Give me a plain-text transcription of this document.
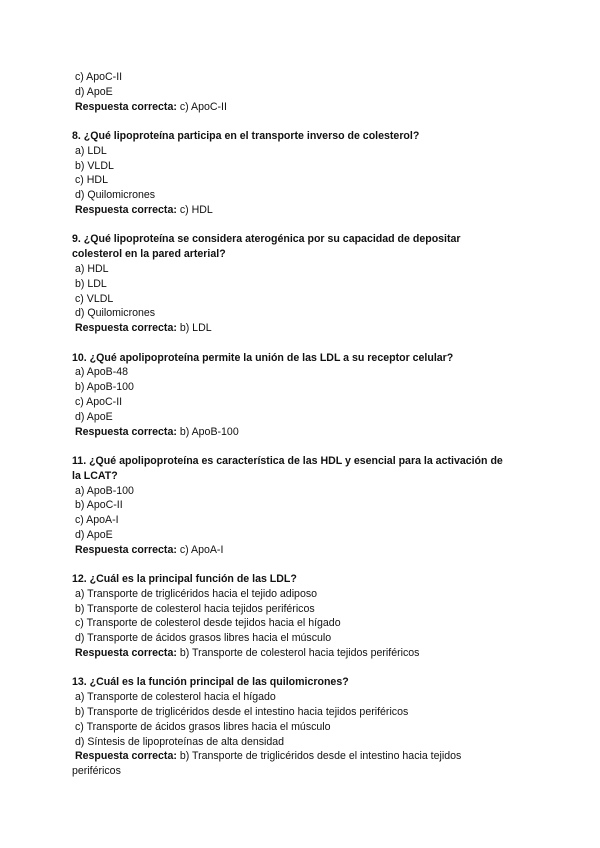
c) ApoC-II

d) ApoE

Respuesta correcta: c) ApoC-II

8. ¿Qué lipoproteína participa en el transporte inverso de colesterol?

a) LDL

b) VLDL

c) HDL

d) Quilomicrones

Respuesta correcta: c) HDL

9. ¿Qué lipoproteína se considera aterogénica por su capacidad de depositar

colesterol en la pared arterial?

a) HDL

b) LDL

c) VLDL

d) Quilomicrones

Respuesta correcta: b) LDL

10. ¿Qué apolipoproteína permite la unión de las LDL a su receptor celular?

a) ApoB-48

b) ApoB-100

c) ApoC-II

d) ApoE

Respuesta correcta: b) ApoB-100

11. ¿Qué apolipoproteína es característica de las HDL y esencial para la activación de

la LCAT?

a) ApoB-100

b) ApoC-II

c) ApoA-I

d) ApoE

Respuesta correcta: c) ApoA-I

12. ¿Cuál es la principal función de las LDL?

a) Transporte de triglicéridos hacia el tejido adiposo

b) Transporte de colesterol hacia tejidos periféricos

c) Transporte de colesterol desde tejidos hacia el hígado

d) Transporte de ácidos grasos libres hacia el músculo

Respuesta correcta: b) Transporte de colesterol hacia tejidos periféricos

13. ¿Cuál es la función principal de las quilomicrones?

a) Transporte de colesterol hacia el hígado

b) Transporte de triglicéridos desde el intestino hacia tejidos periféricos

c) Transporte de ácidos grasos libres hacia el músculo

d) Síntesis de lipoproteínas de alta densidad

Respuesta correcta: b) Transporte de triglicéridos desde el intestino hacia tejidos

periféricos
